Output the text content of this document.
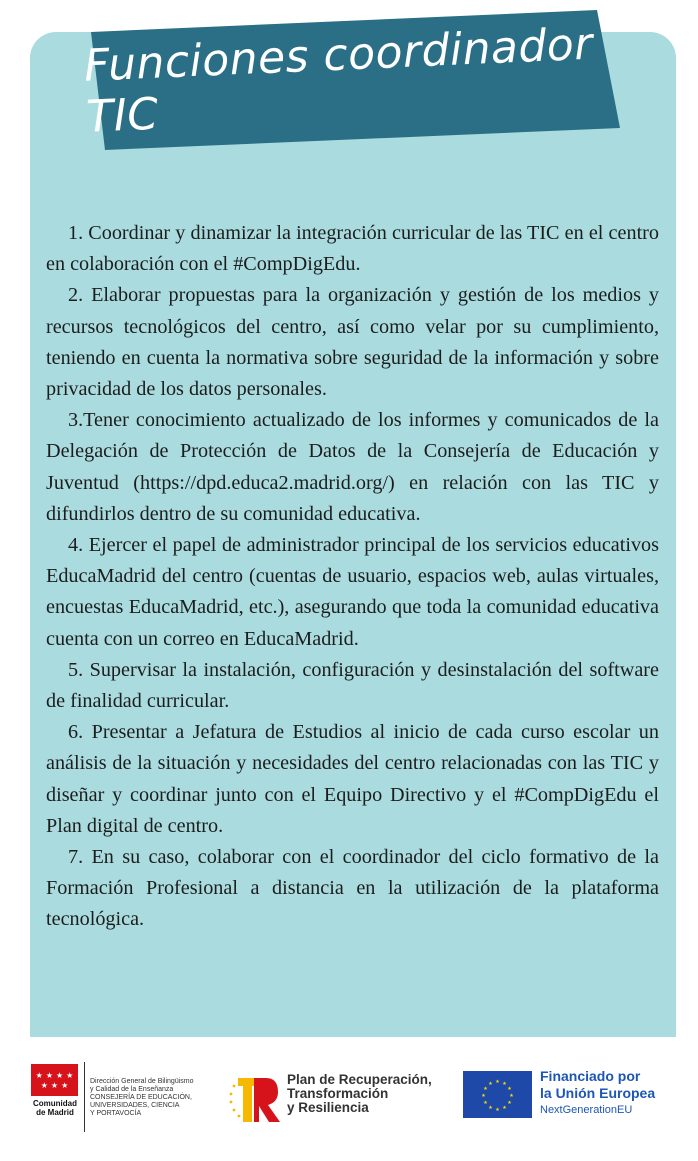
Funciones coordinador TIC

1. Coordinar y dinamizar la integración curricular de las TIC en el centro en colaboración con el #CompDigEdu.

2. Elaborar propuestas para la organización y gestión de los medios y recursos tecnológicos del centro, así como velar por su cumplimiento, teniendo en cuenta la normativa sobre seguridad de la información y sobre privacidad de los datos personales.

3.Tener conocimiento actualizado de los informes y comunicados de la Delegación de Protección de Datos de la Consejería de Educación y Juventud (https://dpd.educa2.madrid.org/) en relación con las TIC y difundirlos dentro de su comunidad educativa.

4. Ejercer el papel de administrador principal de los servicios educativos EducaMadrid del centro (cuentas de usuario, espacios web, aulas virtuales, encuestas EducaMadrid, etc.), asegurando que toda la comunidad educativa cuenta con un correo en EducaMadrid.

5. Supervisar la instalación, configuración y desinstalación del software de finalidad curricular.

6. Presentar a Jefatura de Estudios al inicio de cada curso escolar un análisis de la situación y necesidades del centro relacionadas con las TIC y diseñar y coordinar junto con el Equipo Directivo y el #CompDigEdu el Plan digital de centro.

7. En su caso, colaborar con el coordinador del ciclo formativo de la Formación Profesional a distancia en la utilización de la plataforma tecnológica.

★ ★ ★ ★
★ ★ ★
Comunidad
de Madrid
Dirección General de Bilingüismo
y Calidad de la Enseñanza
CONSEJERÍA DE EDUCACIÓN,
UNIVERSIDADES, CIENCIA
Y PORTAVOCÍA
Plan de Recuperación,
Transformación
y Resiliencia
★ ★
★
★
★
★
★
★
★
★
★
★	Financiado por
la Unión Europea
NextGenerationEU
